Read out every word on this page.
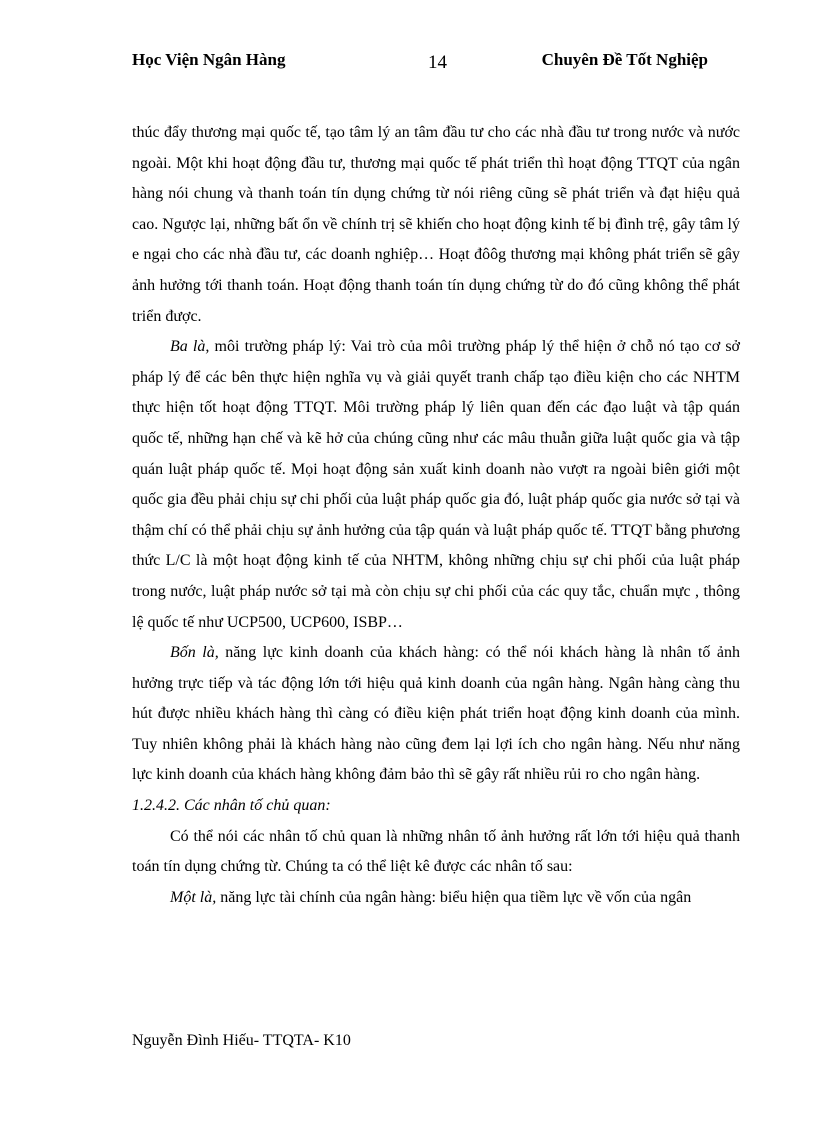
Học Viện Ngân Hàng	14	Chuyên Đề Tốt Nghiệp

thúc đẩy thương mại quốc tế, tạo tâm lý an tâm đầu tư cho các nhà đầu tư trong nước và nước ngoài. Một khi hoạt động đầu tư, thương mại quốc tế phát triển thì hoạt động TTQT của ngân hàng nói chung và thanh toán tín dụng chứng từ nói riêng cũng sẽ phát triển và đạt hiệu quả cao. Ngược lại, những bất ổn về chính trị sẽ khiến cho hoạt động kinh tế bị đình trệ, gây tâm lý e ngại cho các nhà đầu tư, các doanh nghiệp… Hoạt đôôg thương mại không phát triển sẽ gây ảnh hưởng tới thanh toán. Hoạt động thanh toán tín dụng chứng từ do đó cũng không thể phát triển được.

Ba là, môi trường pháp lý: Vai trò của môi trường pháp lý thể hiện ở chỗ nó tạo cơ sở pháp lý để các bên thực hiện nghĩa vụ và giải quyết tranh chấp tạo điều kiện cho các NHTM thực hiện tốt hoạt động TTQT. Môi trường pháp lý liên quan đến các đạo luật và tập quán quốc tế, những hạn chế và kẽ hở của chúng cũng như các mâu thuẫn giữa luật quốc gia và tập quán luật pháp quốc tế. Mọi hoạt động sản xuất kinh doanh nào vượt ra ngoài biên giới một quốc gia đều phải chịu sự chi phối của luật pháp quốc gia đó, luật pháp quốc gia nước sở tại và thậm chí có thể phải chịu sự ảnh hưởng của tập quán và luật pháp quốc tế. TTQT bằng phương thức L/C là một hoạt động kinh tế của NHTM, không những chịu sự chi phối của luật pháp trong nước, luật pháp nước sở tại mà còn chịu sự chi phối của các quy tắc, chuẩn mực , thông lệ quốc tế như UCP500, UCP600, ISBP…

Bốn là, năng lực kinh doanh của khách hàng: có thể nói khách hàng là nhân tố ảnh hưởng trực tiếp và tác động lớn tới hiệu quả kinh doanh của ngân hàng. Ngân hàng càng thu hút được nhiều khách hàng thì càng có điều kiện phát triển hoạt động kinh doanh của mình. Tuy nhiên không phải là khách hàng nào cũng đem lại lợi ích cho ngân hàng. Nếu như năng lực kinh doanh của khách hàng không đảm bảo thì sẽ gây rất nhiều rủi ro cho ngân hàng.

1.2.4.2. Các nhân tố chủ quan:

Có thể nói các nhân tố chủ quan là những nhân tố ảnh hưởng rất lớn tới hiệu quả thanh toán tín dụng chứng từ. Chúng ta có thể liệt kê được các nhân tố sau:

Một là, năng lực tài chính của ngân hàng: biểu hiện qua tiềm lực về vốn của ngân

Nguyễn Đình Hiếu- TTQTA- K10
